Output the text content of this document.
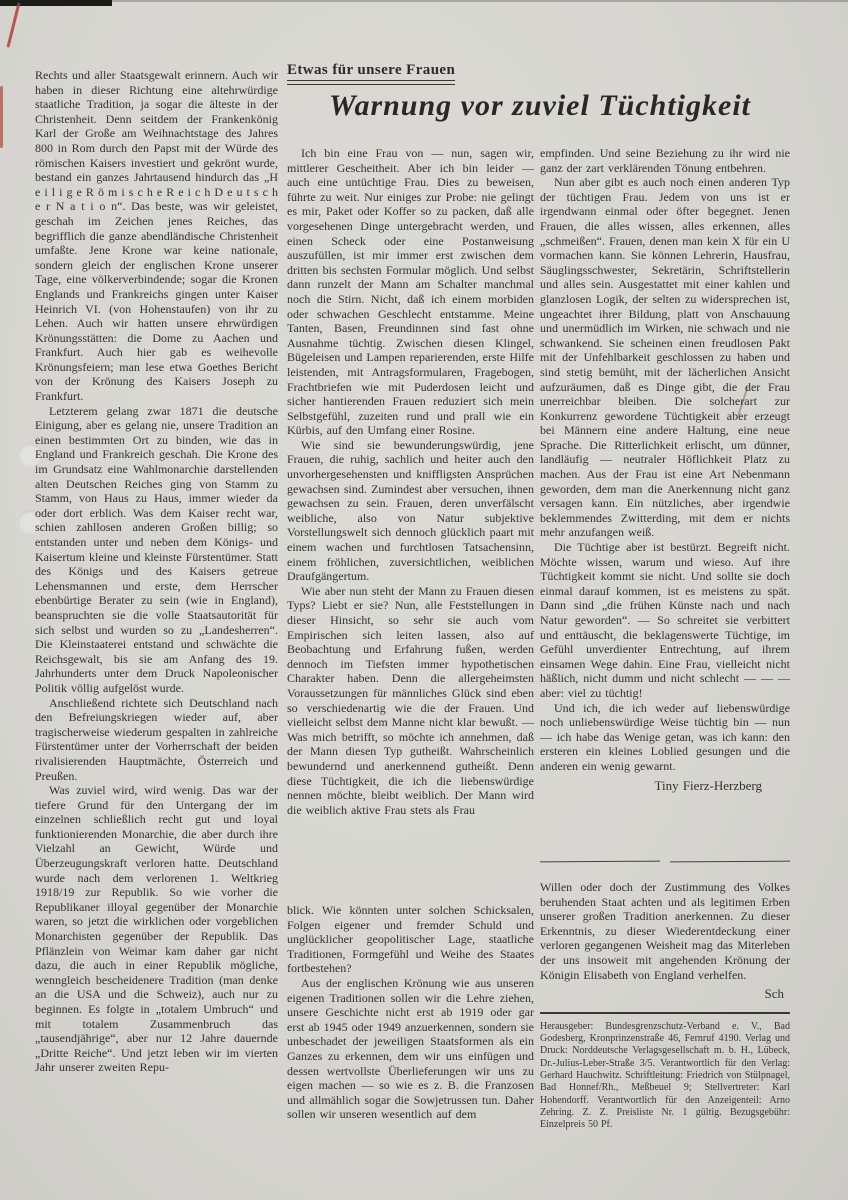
Rechts und aller Staatsgewalt erinnern. Auch wir haben in dieser Richtung eine altehrwürdige staatliche Tradition, ja sogar die älteste in der Christenheit. Denn seitdem der Frankenkönig Karl der Große am Weihnachtstage des Jahres 800 in Rom durch den Papst mit der Würde des römischen Kaisers investiert und gekrönt wurde, bestand ein ganzes Jahrtausend hindurch das „H e i l i g e R ö m i s c h e R e i c h D e u t s c h e r N a t i o n“. Das beste, was wir geleistet, geschah im Zeichen jenes Reiches, das begrifflich die ganze abendländische Christenheit umfaßte. Jene Krone war keine nationale, sondern gleich der englischen Krone unserer Tage, eine völkerverbindende; sogar die Kronen Englands und Frankreichs gingen unter Kaiser Heinrich VI. (von Hohenstaufen) von ihr zu Lehen. Auch wir hatten unsere ehrwürdigen Krönungsstätten: die Dome zu Aachen und Frankfurt. Auch hier gab es weihevolle Krönungsfeiern; man lese etwa Goethes Bericht von der Krönung des Kaisers Joseph zu Frankfurt.

Letzterem gelang zwar 1871 die deutsche Einigung, aber es gelang nie, unsere Tradition an einen bestimmten Ort zu binden, wie das in England und Frankreich geschah. Die Krone des im Grundsatz eine Wahlmonarchie darstellenden alten Deutschen Reiches ging von Stamm zu Stamm, von Haus zu Haus, immer wieder da oder dort erblich. Was dem Kaiser recht war, schien zahllosen anderen Großen billig; so entstanden unter und neben dem Königs- und Kaisertum kleine und kleinste Fürstentümer. Statt des Königs und des Kaisers getreue Lehensmannen und erste, dem Herrscher ebenbürtige Berater zu sein (wie in England), beanspruchten sie die volle Staatsautorität für sich selbst und wurden so zu „Landesherren“. Die Kleinstaaterei entstand und schwächte die Reichsgewalt, bis sie am Anfang des 19. Jahrhunderts unter dem Druck Napoleonischer Politik völlig aufgelöst wurde.

Anschließend richtete sich Deutschland nach den Befreiungskriegen wieder auf, aber tragischerweise wiederum gespalten in zahlreiche Fürstentümer unter der Vorherrschaft der beiden rivalisierenden Hauptmächte, Österreich und Preußen.

Was zuviel wird, wird wenig. Das war der tiefere Grund für den Untergang der im einzelnen schließlich recht gut und loyal funktionierenden Monarchie, die aber durch ihre Vielzahl an Gewicht, Würde und Überzeugungskraft verloren hatte. Deutschland wurde nach dem verlorenen 1. Weltkrieg 1918/19 zur Republik. So wie vorher die Republikaner illoyal gegenüber der Monarchie waren, so jetzt die wirklichen oder vorgeblichen Monarchisten gegenüber der Republik. Das Pflänzlein von Weimar kam daher gar nicht dazu, die auch in einer Republik mögliche, wenngleich bescheidenere Tradition (man denke an die USA und die Schweiz), auch nur zu beginnen. Es folgte in „totalem Umbruch“ und mit totalem Zusammenbruch das „tausendjährige“, aber nur 12 Jahre dauernde „Dritte Reiche“. Und jetzt leben wir im vierten Jahr unserer zweiten Repu-

Etwas für unsere Frauen
Warnung vor zuviel Tüchtigkeit

Ich bin eine Frau von — nun, sagen wir, mittlerer Gescheitheit. Aber ich bin leider — auch eine untüchtige Frau. Dies zu beweisen, führte zu weit. Nur einiges zur Probe: nie gelingt es mir, Paket oder Koffer so zu packen, daß alle vorgesehenen Dinge untergebracht werden, und einen Scheck oder eine Postanweisung auszufüllen, ist mir immer erst zwischen dem dritten bis sechsten Formular möglich. Und selbst dann runzelt der Mann am Schalter manchmal noch die Stirn. Nicht, daß ich einem morbiden oder schwachen Geschlecht entstamme. Meine Tanten, Basen, Freundinnen sind fast ohne Ausnahme tüchtig. Zwischen diesen Klingel, Bügeleisen und Lampen reparierenden, erste Hilfe leistenden, mit Antragsformularen, Fragebogen, Frachtbriefen wie mit Puderdosen leicht und sicher hantierenden Frauen reduziert sich mein Selbstgefühl, zuzeiten rund und prall wie ein Kürbis, auf den Umfang einer Rosine.

Wie sind sie bewunderungswürdig, jene Frauen, die ruhig, sachlich und heiter auch den unvorhergesehensten und kniffligsten Ansprüchen gewachsen sind. Zumindest aber versuchen, ihnen gewachsen zu sein. Frauen, deren unverfälscht weibliche, also von Natur subjektive Vorstellungswelt sich dennoch glücklich paart mit einem wachen und furchtlosen Tatsachensinn, einem fröhlichen, zuversichtlichen, weiblichen Draufgängertum.

Wie aber nun steht der Mann zu Frauen diesen Typs? Liebt er sie? Nun, alle Feststellungen in dieser Hinsicht, so sehr sie auch vom Empirischen sich leiten lassen, also auf Beobachtung und Erfahrung fußen, werden dennoch im Tiefsten immer hypothetischen Charakter haben. Denn die allergeheimsten Voraussetzungen für männliches Glück sind eben so verschiedenartig wie die der Frauen. Und vielleicht selbst dem Manne nicht klar bewußt. — Was mich betrifft, so möchte ich annehmen, daß der Mann diesen Typ gutheißt. Wahrscheinlich bewundernd und anerkennend gutheißt. Denn diese Tüchtigkeit, die ich die liebenswürdige nennen möchte, bleibt weiblich. Der Mann wird die weiblich aktive Frau stets als Frau

empfinden. Und seine Beziehung zu ihr wird nie ganz der zart verklärenden Tönung entbehren.

Nun aber gibt es auch noch einen anderen Typ der tüchtigen Frau. Jedem von uns ist er irgendwann einmal oder öfter begegnet. Jenen Frauen, die alles wissen, alles erkennen, alles „schmeißen“. Frauen, denen man kein X für ein U vormachen kann. Sie können Lehrerin, Hausfrau, Säuglingsschwester, Sekretärin, Schriftstellerin und alles sein. Ausgestattet mit einer kahlen und glanzlosen Logik, der selten zu widersprechen ist, ungeachtet ihrer Bildung, platt von Anschauung und unermüdlich im Wirken, nie schwach und nie schwankend. Sie scheinen einen freudlosen Pakt mit der Unfehlbarkeit geschlossen zu haben und sind stetig bemüht, mit der lächerlichen Ansicht aufzuräumen, daß es Dinge gibt, die der Frau unerreichbar bleiben. Die solcherart zur Konkurrenz gewordene Tüchtigkeit aber erzeugt bei Männern eine andere Haltung, eine neue Sprache. Die Ritterlichkeit erlischt, um dünner, landläufig — neutraler Höflichkeit Platz zu machen. Aus der Frau ist eine Art Nebenmann geworden, dem man die Anerkennung nicht ganz versagen kann. Ein nützliches, aber irgendwie beklemmendes Zwitterding, mit dem er nichts mehr anzufangen weiß.

Die Tüchtige aber ist bestürzt. Begreift nicht. Möchte wissen, warum und wieso. Auf ihre Tüchtigkeit kommt sie nicht. Und sollte sie doch einmal darauf kommen, ist es meistens zu spät. Dann sind „die frühen Künste nach und nach Natur geworden“. — So schreitet sie verbittert und enttäuscht, die beklagenswerte Tüchtige, im Gefühl unverdienter Entrechtung, auf ihrem einsamen Wege dahin. Eine Frau, vielleicht nicht häßlich, nicht dumm und nicht schlecht — — — aber: viel zu tüchtig!

Und ich, die ich weder auf liebenswürdige noch unliebenswürdige Weise tüchtig bin — nun — ich habe das Wenige getan, was ich kann: den ersteren ein kleines Loblied gesungen und die anderen ein wenig gewarnt.

Tiny Fierz-Herzberg

blick. Wie könnten unter solchen Schicksalen, Folgen eigener und fremder Schuld und unglücklicher geopolitischer Lage, staatliche Traditionen, Formgefühl und Weihe des Staates fortbestehen?

Aus der englischen Krönung wie aus unseren eigenen Traditionen sollen wir die Lehre ziehen, unsere Geschichte nicht erst ab 1919 oder gar erst ab 1945 oder 1949 anzuerkennen, sondern sie unbeschadet der jeweiligen Staatsformen als ein Ganzes zu erkennen, dem wir uns einfügen und dessen wertvollste Überlieferungen wir uns zu eigen machen — so wie es z. B. die Franzosen und allmählich sogar die Sowjetrussen tun. Daher sollen wir unseren wesentlich auf dem

Willen oder doch der Zustimmung des Volkes beruhenden Staat achten und als legitimen Erben unserer großen Tradition anerkennen. Zu dieser Erkenntnis, zu dieser Wiederentdeckung einer verloren gegangenen Weisheit mag das Miterleben der uns insoweit mit angehenden Krönung der Königin Elisabeth von England verhelfen.

Sch
Herausgeber: Bundesgrenzschutz-Verband e. V., Bad Godesberg, Kronprinzenstraße 46, Fernruf 4190. Verlag und Druck: Norddeutsche Verlagsgesellschaft m. b. H., Lübeck, Dr.-Julius-Leber-Straße 3/5. Verantwortlich für den Verlag: Gerhard Hauchwitz. Schriftleitung: Friedrich von Stülpnagel, Bad Honnef/Rh., Meßbeuel 9; Stellvertreter: Karl Hohendorff. Verantwortlich für den Anzeigenteil: Arno Zehring. Z. Z. Preisliste Nr. 1 gültig. Bezugsgebühr: Einzelpreis 50 Pf.
